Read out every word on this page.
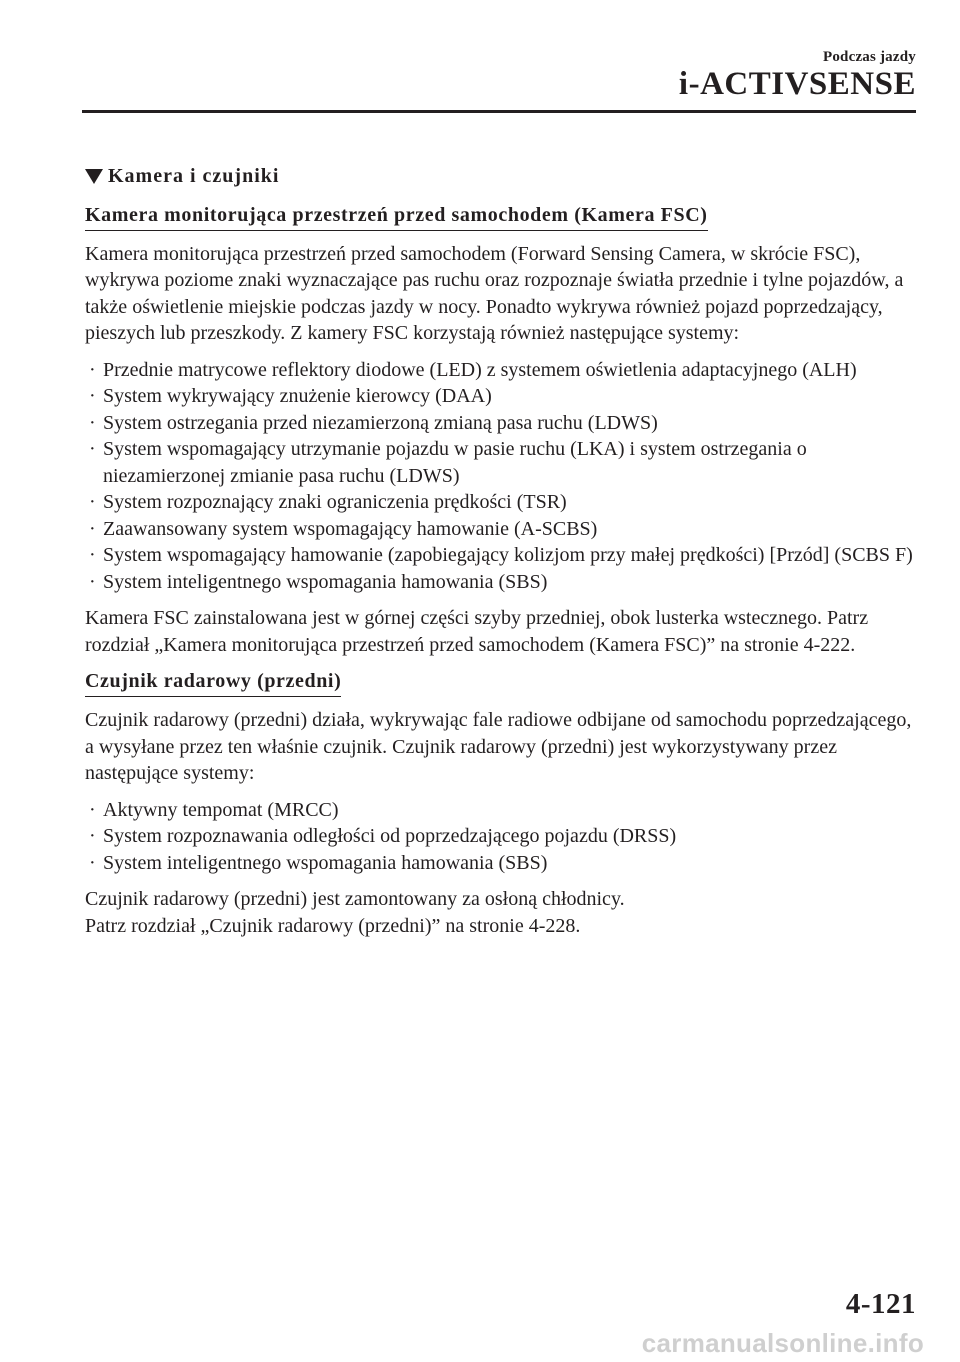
Podczas jazdy
i-ACTIVSENSE
Kamera i czujniki
Kamera monitorująca przestrzeń przed samochodem (Kamera FSC)

Kamera monitorująca przestrzeń przed samochodem (Forward Sensing Camera, w skrócie FSC), wykrywa poziome znaki wyznaczające pas ruchu oraz rozpoznaje światła przednie i tylne pojazdów, a także oświetlenie miejskie podczas jazdy w nocy. Ponadto wykrywa również pojazd poprzedzający, pieszych lub przeszkody. Z kamery FSC korzystają również następujące systemy:

· Przednie matrycowe reflektory diodowe (LED) z systemem oświetlenia adaptacyjnego (ALH)
· System wykrywający znużenie kierowcy (DAA)
· System ostrzegania przed niezamierzoną zmianą pasa ruchu (LDWS)
· System wspomagający utrzymanie pojazdu w pasie ruchu (LKA) i system ostrzegania o niezamierzonej zmianie pasa ruchu (LDWS)
· System rozpoznający znaki ograniczenia prędkości (TSR)
· Zaawansowany system wspomagający hamowanie (A-SCBS)
· System wspomagający hamowanie (zapobiegający kolizjom przy małej prędkości) [Przód] (SCBS F)
· System inteligentnego wspomagania hamowania (SBS)

Kamera FSC zainstalowana jest w górnej części szyby przedniej, obok lusterka wstecznego. Patrz rozdział „Kamera monitorująca przestrzeń przed samochodem (Kamera FSC)” na stronie 4-222.

Czujnik radarowy (przedni)

Czujnik radarowy (przedni) działa, wykrywając fale radiowe odbijane od samochodu poprzedzającego, a wysyłane przez ten właśnie czujnik. Czujnik radarowy (przedni) jest wykorzystywany przez następujące systemy:

· Aktywny tempomat (MRCC)
· System rozpoznawania odległości od poprzedzającego pojazdu (DRSS)
· System inteligentnego wspomagania hamowania (SBS)

Czujnik radarowy (przedni) jest zamontowany za osłoną chłodnicy.
Patrz rozdział „Czujnik radarowy (przedni)” na stronie 4-228.

4-121
carmanualsonline.info
